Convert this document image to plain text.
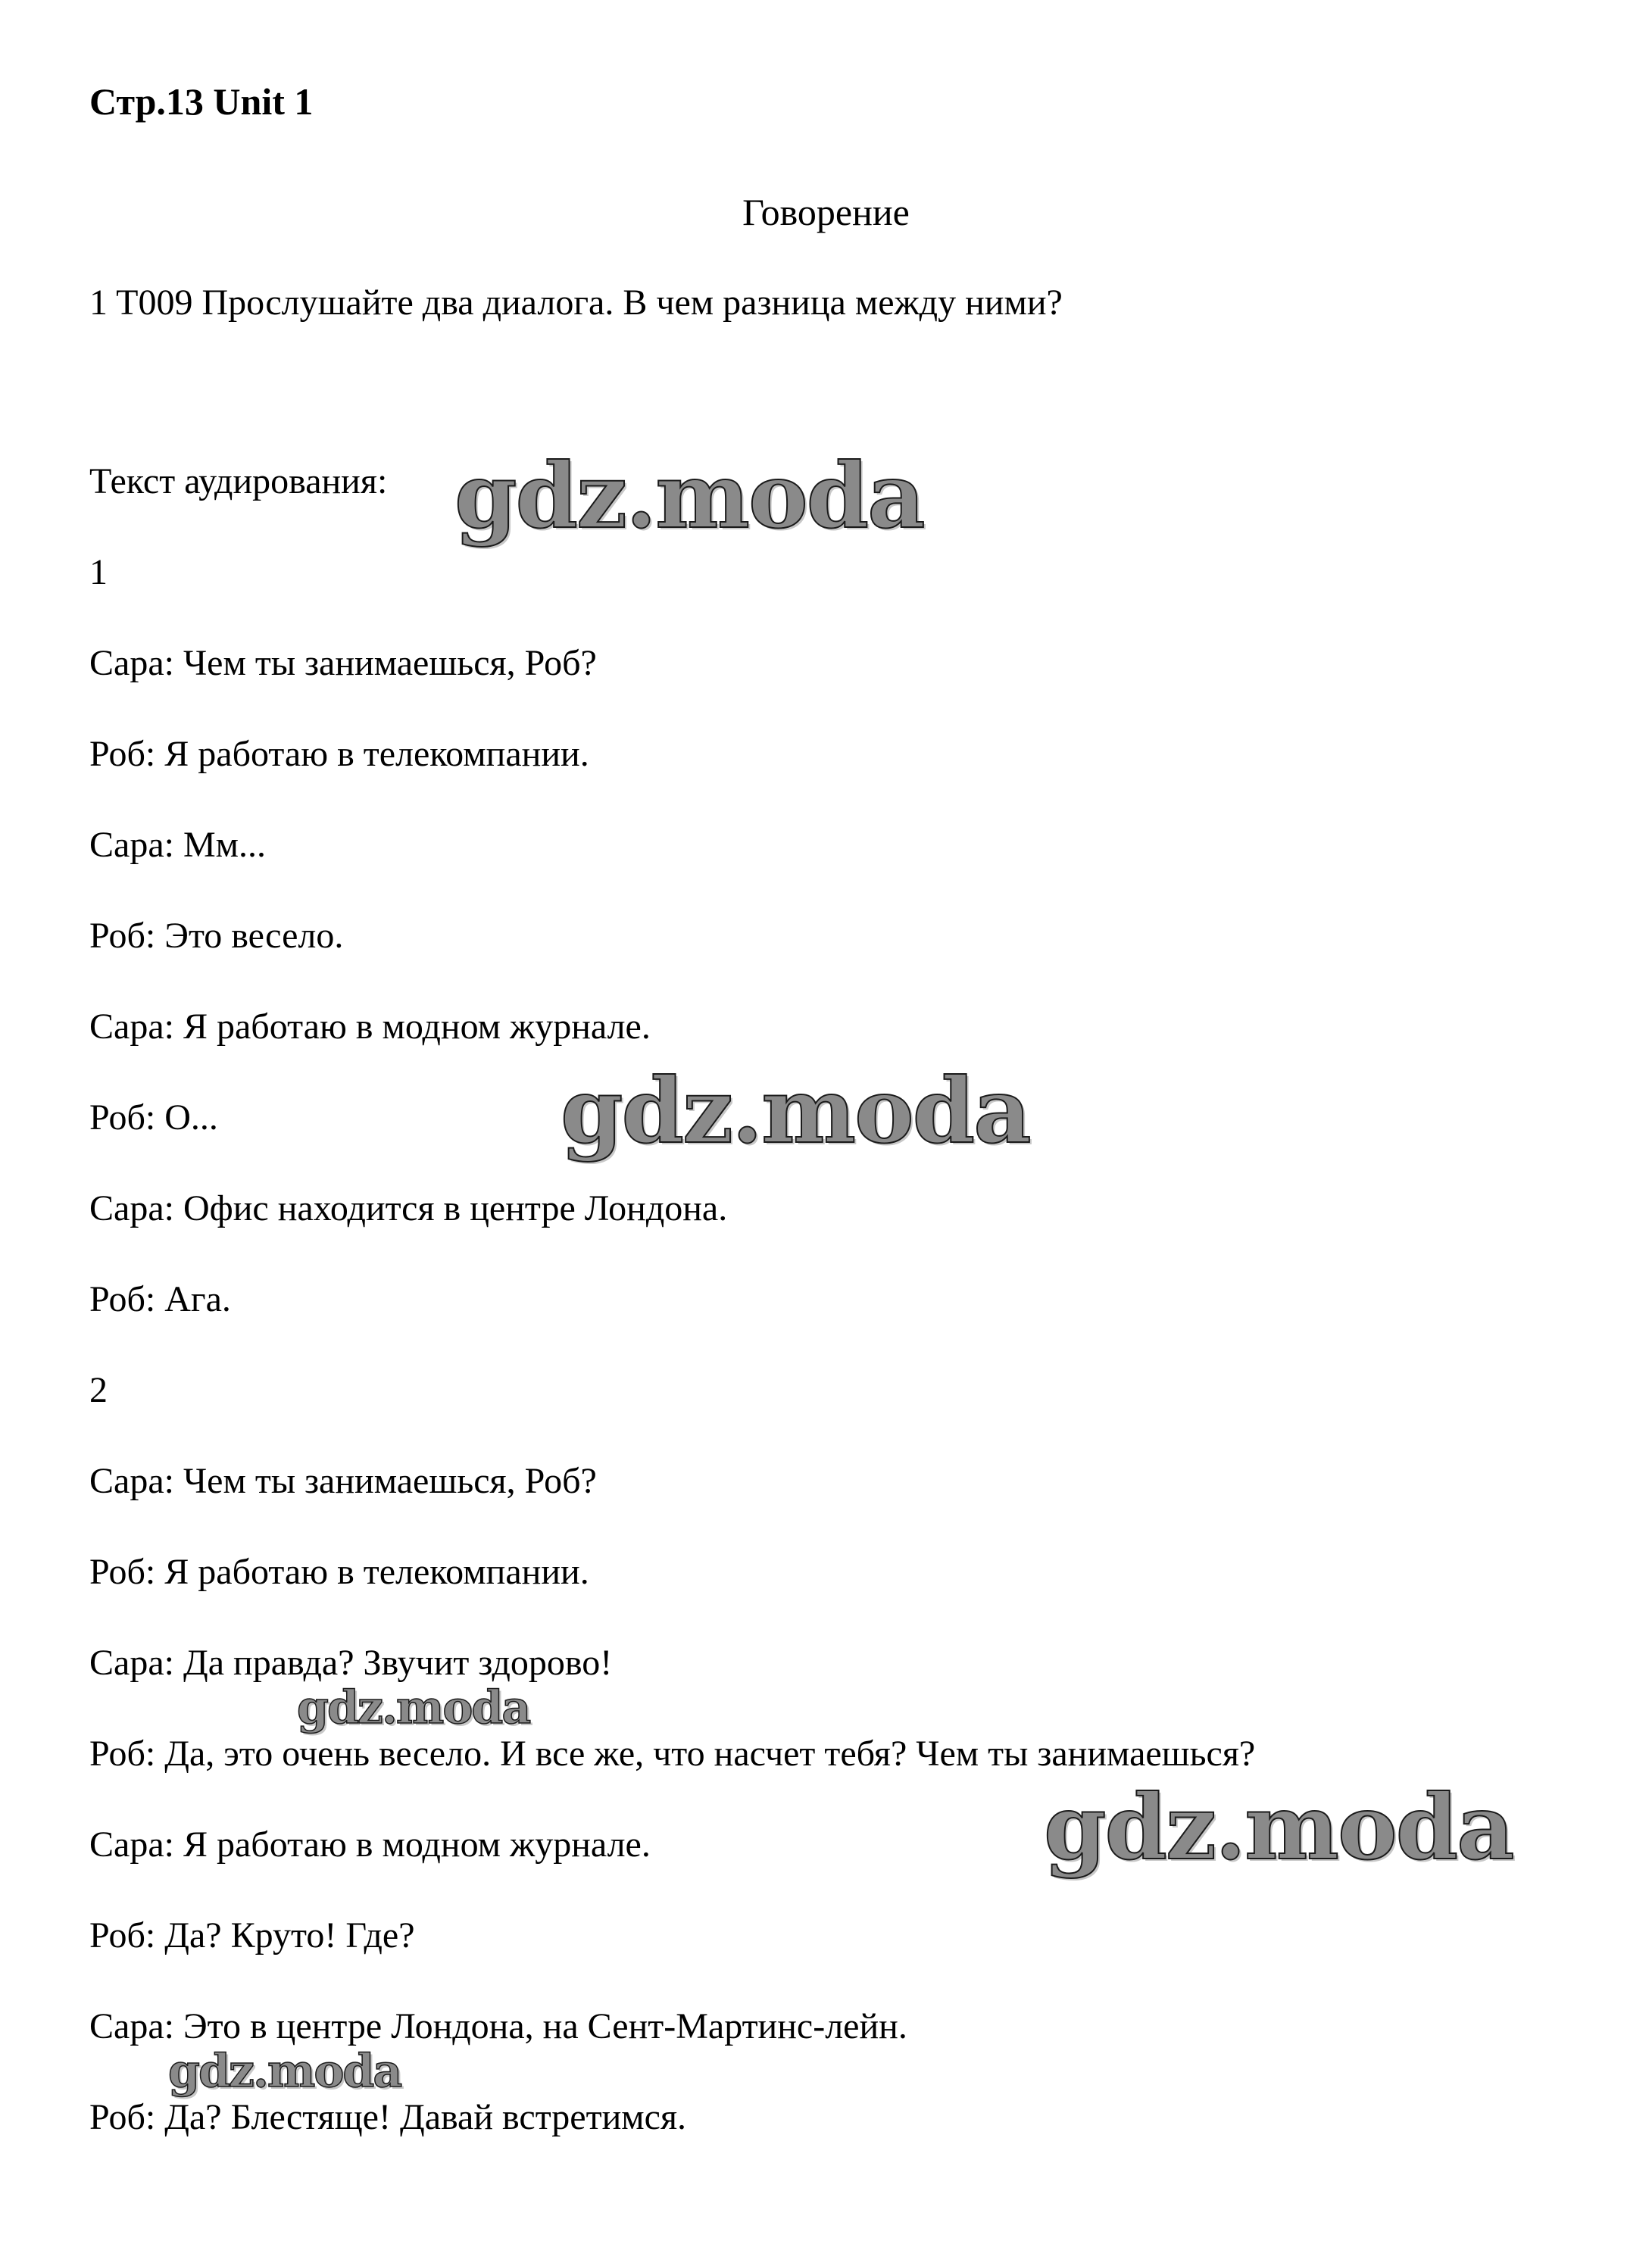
Стр.13 Unit 1
Говорение
1 T009 Прослушайте два диалога. В чем разница между ними?
Текст аудирования:
1
Сара: Чем ты занимаешься, Роб?
Роб: Я работаю в телекомпании.
Сара: Мм...
Роб: Это весело.
Сара: Я работаю в модном журнале.
Роб: О...
Сара: Офис находится в центре Лондона.
Роб: Ага.
2
Сара: Чем ты занимаешься, Роб?
Роб: Я работаю в телекомпании.
Сара: Да правда? Звучит здорово!
Роб: Да, это очень весело. И все же, что насчет тебя? Чем ты занимаешься?
Сара: Я работаю в модном журнале.
Роб: Да? Круто! Где?
Сара: Это в центре Лондона, на Сент-Мартинс-лейн.
Роб: Да? Блестяще! Давай встретимся.
gdz.moda
gdz.moda
gdz.moda
gdz.moda
gdz.moda
